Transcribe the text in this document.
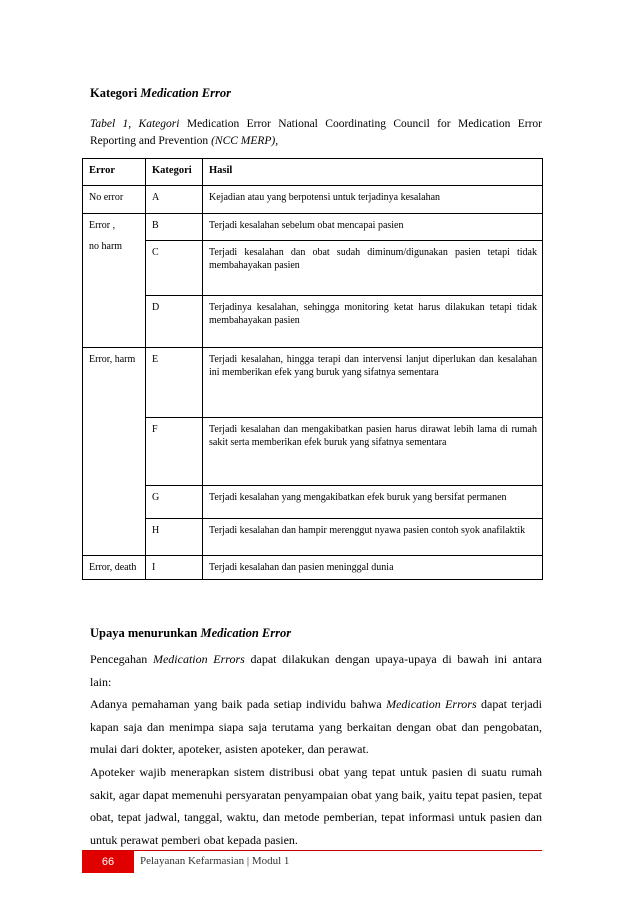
Kategori Medication Error
Tabel 1, Kategori Medication Error National Coordinating Council for Medication Error
Reporting and Prevention (NCC MERP),
Error	Kategori	Hasil
No error	A	Kejadian atau yang berpotensi untuk terjadinya kesalahan

Error ,
no harm	B	Terjadi kesalahan sebelum obat mencapai pasien
	C	Terjadi kesalahan dan obat sudah diminum/digunakan pasien tetapi tidak membahayakan pasien
	D	Terjadinya kesalahan, sehingga monitoring ketat harus dilakukan tetapi tidak membahayakan pasien
Error, harm	E	Terjadi kesalahan, hingga terapi dan intervensi lanjut diperlukan dan kesalahan ini memberikan efek yang buruk yang sifatnya sementara
	F	Terjadi kesalahan dan mengakibatkan pasien harus dirawat lebih lama di rumah sakit serta memberikan efek buruk yang sifatnya sementara
	G	Terjadi kesalahan yang mengakibatkan efek buruk yang bersifat permanen
	H	Terjadi kesalahan dan hampir merenggut nyawa pasien contoh syok anafilaktik
Error, death	I	Terjadi kesalahan dan pasien meninggal dunia
Upaya menurunkan Medication Error

Pencegahan Medication Errors dapat dilakukan dengan upaya-upaya di bawah ini antara

lain:

Adanya pemahaman yang baik pada setiap individu bahwa Medication Errors dapat terjadi kapan saja dan menimpa siapa saja terutama yang berkaitan dengan obat dan pengobatan, mulai dari dokter, apoteker, asisten apoteker, dan perawat.

Apoteker wajib menerapkan sistem distribusi obat yang tepat untuk pasien di suatu rumah sakit, agar dapat memenuhi persyaratan penyampaian obat yang baik, yaitu tepat pasien, tepat obat, tepat jadwal, tanggal, waktu, dan metode pemberian, tepat informasi untuk pasien dan untuk perawat pemberi obat kepada pasien.

66	Pelayanan Kefarmasian | Modul 1
